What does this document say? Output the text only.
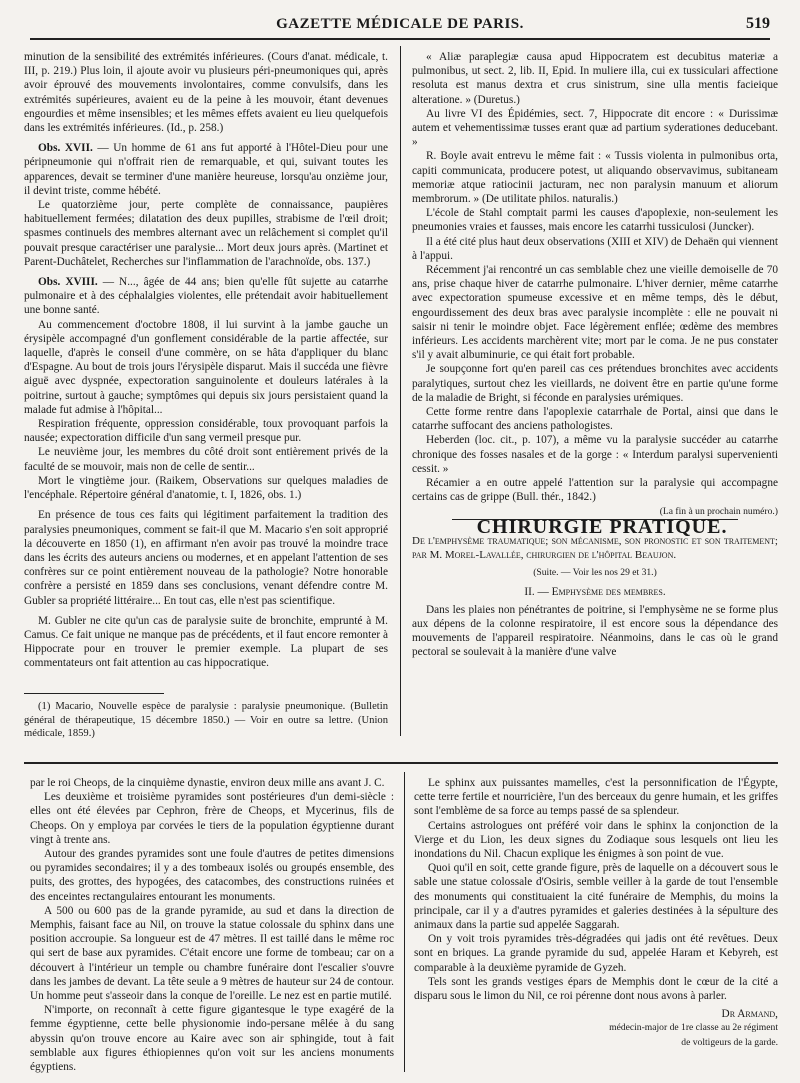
GAZETTE MÉDICALE DE PARIS.	519

minution de la sensibilité des extrémités inférieures. (Cours d'anat. médicale, t. III, p. 219.) Plus loin, il ajoute avoir vu plusieurs péri-pneumoniques qui, après avoir éprouvé des mouvements involontaires, comme convulsifs, dans les extrémités supérieures, avaient eu de la peine à les mouvoir, étant devenues engourdies et même insensibles; et les mêmes effets avaient eu lieu quelquefois dans les extrémités inférieures. (Id., p. 258.)

Obs. XVII. — Un homme de 61 ans fut apporté à l'Hôtel-Dieu pour une péripneumonie qui n'offrait rien de remarquable, et qui, suivant toutes les apparences, devait se terminer d'une manière heureuse, lorsqu'au onzième jour, il devint triste, comme hébété.

Le quatorzième jour, perte complète de connaissance, paupières habituellement fermées; dilatation des deux pupilles, strabisme de l'œil droit; spasmes continuels des membres alternant avec un relâchement si complet qu'il pouvait presque caractériser une paralysie... Mort deux jours après. (Martinet et Parent-Duchâtelet, Recherches sur l'inflammation de l'arachnoïde, obs. 137.)

Obs. XVIII. — N..., âgée de 44 ans; bien qu'elle fût sujette au catarrhe pulmonaire et à des céphalalgies violentes, elle prétendait avoir habituellement une bonne santé.

Au commencement d'octobre 1808, il lui survint à la jambe gauche un érysipèle accompagné d'un gonflement considérable de la partie affectée, sur laquelle, d'après le conseil d'une commère, on se hâta d'appliquer du blanc d'Espagne. Au bout de trois jours l'érysipèle disparut. Mais il succéda une fièvre aiguë avec dyspnée, expectoration sanguinolente et douleurs latérales à la poitrine, surtout à gauche; symptômes qui depuis six jours persistaient quand la malade fut admise à l'hôpital...

Respiration fréquente, oppression considérable, toux provoquant parfois la nausée; expectoration difficile d'un sang vermeil presque pur.

Le neuvième jour, les membres du côté droit sont entièrement privés de la faculté de se mouvoir, mais non de celle de sentir...

Mort le vingtième jour. (Raikem, Observations sur quelques maladies de l'encéphale. Répertoire général d'anatomie, t. I, 1826, obs. 1.)

En présence de tous ces faits qui légitiment parfaitement la tradition des paralysies pneumoniques, comment se fait-il que M. Macario s'en soit approprié la découverte en 1850 (1), en affirmant n'en avoir pas trouvé la moindre trace dans les écrits des auteurs anciens ou modernes, et en appelant l'attention de ses confrères sur ce point entièrement nouveau de la pathologie? Notre honorable confrère a persisté en 1859 dans ses conclusions, venant défendre contre M. Gubler sa propriété littéraire... En tout cas, elle n'est pas scientifique.

M. Gubler ne cite qu'un cas de paralysie suite de bronchite, emprunté à M. Camus. Ce fait unique ne manque pas de précédents, et il faut encore remonter à Hippocrate pour en trouver le premier exemple. La plupart de ses commentateurs ont fait attention au cas hippocratique.

(1) Macario, Nouvelle espèce de paralysie : paralysie pneumonique. (Bulletin général de thérapeutique, 15 décembre 1850.) — Voir en outre sa lettre. (Union médicale, 1859.)

« Aliæ paraplegiæ causa apud Hippocratem est decubitus materiæ a pulmonibus, ut sect. 2, lib. II, Epid. In muliere illa, cui ex tussiculari affectione resoluta est manus dextra et crus sinistrum, sine ulla mentis facieique alteratione. » (Duretus.)

Au livre VI des Épidémies, sect. 7, Hippocrate dit encore : « Durissimæ autem et vehementissimæ tusses erant quæ ad partium syderationes deducebant. »

R. Boyle avait entrevu le même fait : « Tussis violenta in pulmonibus orta, capiti communicata, producere potest, ut aliquando observavimus, subitaneam memoriæ atque ratiocinii jacturam, nec non paralysin manuum et aliorum membrorum. » (De utilitate philos. naturalis.)

L'école de Stahl comptait parmi les causes d'apoplexie, non-seulement les pneumonies vraies et fausses, mais encore les catarrhi tussiculosi (Juncker).

Il a été cité plus haut deux observations (XIII et XIV) de Dehaën qui viennent à l'appui.

Récemment j'ai rencontré un cas semblable chez une vieille demoiselle de 70 ans, prise chaque hiver de catarrhe pulmonaire. L'hiver dernier, même catarrhe avec expectoration spumeuse excessive et en même temps, dès le début, engourdissement des deux bras avec paralysie incomplète : elle ne pouvait ni saisir ni tenir le moindre objet. Face légèrement enflée; œdème des membres inférieurs. Les accidents marchèrent vite; mort par le coma. Je ne pus constater s'il y avait albuminurie, ce qui était fort probable.

Je soupçonne fort qu'en pareil cas ces prétendues bronchites avec accidents paralytiques, surtout chez les vieillards, ne doivent être en partie qu'une forme de la maladie de Bright, si féconde en paralysies urémiques.

Cette forme rentre dans l'apoplexie catarrhale de Portal, ainsi que dans le catarrhe suffocant des anciens pathologistes.

Heberden (loc. cit., p. 107), a même vu la paralysie succéder au catarrhe chronique des fosses nasales et de la gorge : « Interdum paralysi supervenienti cessit. »

Récamier a en outre appelé l'attention sur la paralysie qui accompagne certains cas de grippe (Bull. thér., 1842.)

(La fin à un prochain numéro.)

CHIRURGIE PRATIQUE.

De l'emphysème traumatique; son mécanisme, son pronostic et son traitement; par M. Morel-Lavallée, chirurgien de l'hôpital Beaujon.

(Suite. — Voir les nos 29 et 31.)

II. — Emphysème des membres.

Dans les plaies non pénétrantes de poitrine, si l'emphysème ne se forme plus aux dépens de la colonne respiratoire, il est encore sous la dépendance des mouvements de l'appareil respiratoire. Néanmoins, dans le cas où le grand pectoral se soulevait à la manière d'une valve

par le roi Cheops, de la cinquième dynastie, environ deux mille ans avant J. C.

Les deuxième et troisième pyramides sont postérieures d'un demi-siècle : elles ont été élevées par Cephron, frère de Cheops, et Mycerinus, fils de Cheops. On y employa par corvées le tiers de la population égyptienne durant vingt à trente ans.

Autour des grandes pyramides sont une foule d'autres de petites dimensions ou pyramides secondaires; il y a des tombeaux isolés ou groupés ensemble, des puits, des grottes, des hypogées, des catacombes, des constructions ruinées et des enceintes rectangulaires entourant les monuments.

A 500 ou 600 pas de la grande pyramide, au sud et dans la direction de Memphis, faisant face au Nil, on trouve la statue colossale du sphinx dans une position accroupie. Sa longueur est de 47 mètres. Il est taillé dans le même roc qui sert de base aux pyramides. C'était encore une forme de tombeau; car on a découvert à l'intérieur un temple ou chambre funéraire dont l'escalier s'ouvre dans les jambes de devant. La tête seule a 9 mètres de hauteur sur 24 de contour. Un homme peut s'asseoir dans la conque de l'oreille. Le nez est en partie mutilé.

N'importe, on reconnaît à cette figure gigantesque le type exagéré de la femme égyptienne, cette belle physionomie indo-persane mêlée à du sang abyssin qu'on trouve encore au Kaire avec son air sphingide, tout à fait semblable aux figures éthiopiennes qu'on voit sur les anciens monuments égyptiens.

Le sphinx aux puissantes mamelles, c'est la personnification de l'Égypte, cette terre fertile et nourricière, l'un des berceaux du genre humain, et les griffes sont l'emblème de sa force au temps passé de sa splendeur.

Certains astrologues ont préféré voir dans le sphinx la conjonction de la Vierge et du Lion, les deux signes du Zodiaque sous lesquels ont lieu les inondations du Nil. Chacun explique les énigmes à son point de vue.

Quoi qu'il en soit, cette grande figure, près de laquelle on a découvert sous le sable une statue colossale d'Osiris, semble veiller à la garde de tout l'ensemble des monuments qui constituaient la cité funéraire de Memphis, du moins la principale, car il y a d'autres pyramides et galeries destinées à la sépulture des animaux dans la partie sud appelée Saggarah.

On y voit trois pyramides très-dégradées qui jadis ont été revêtues. Deux sont en briques. La grande pyramide du sud, appelée Haram et Kebyreh, est comparable à la deuxième pyramide de Gyzeh.

Tels sont les grands vestiges épars de Memphis dont le cœur de la cité a disparu sous le limon du Nil, ce roi pérenne dont nous avons à parler.

Dr Armand,

médecin-major de 1re classe au 2e régiment

de voltigeurs de la garde.
